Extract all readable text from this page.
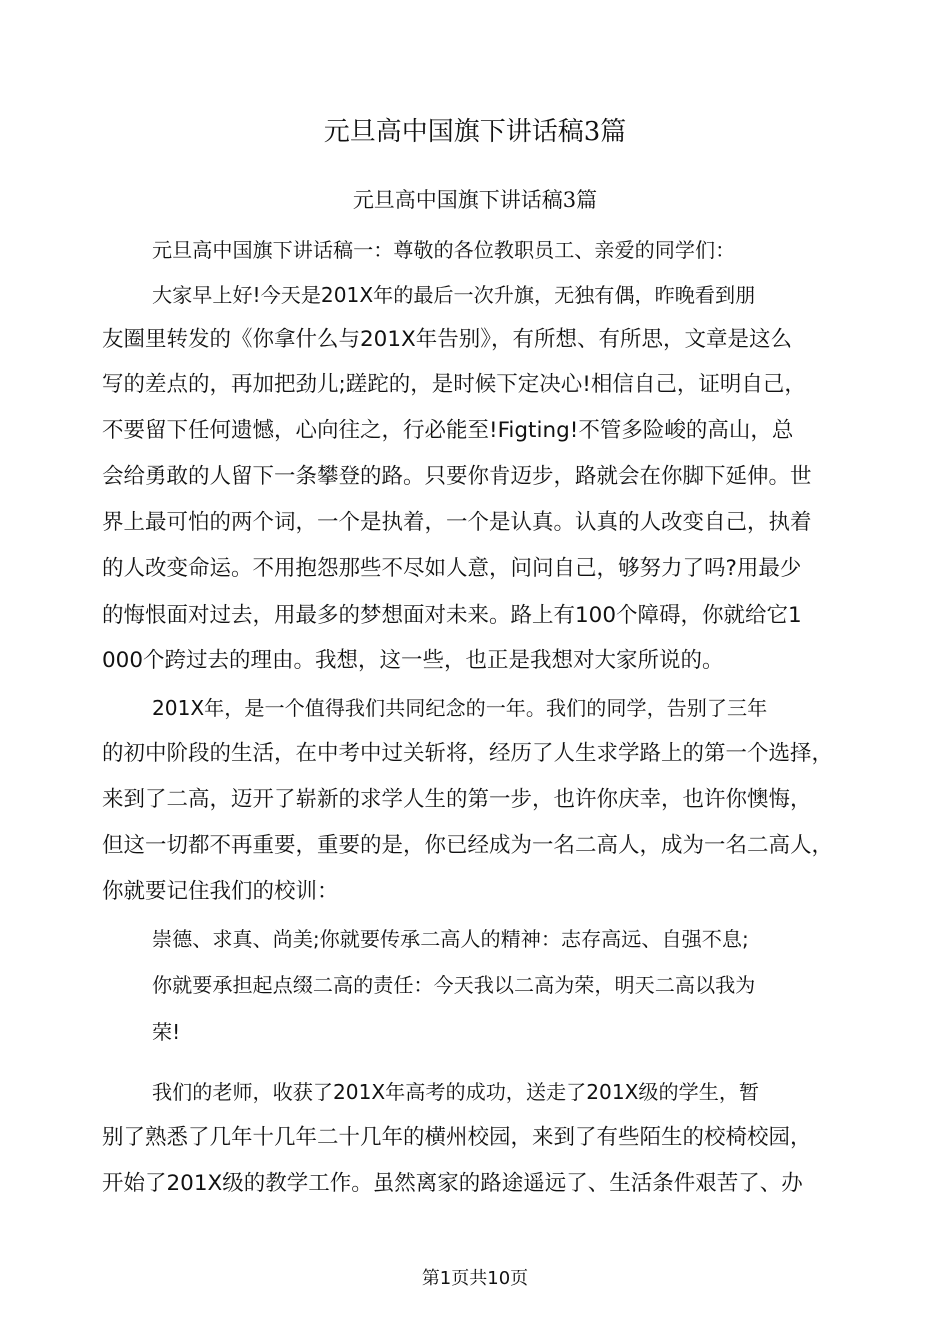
元旦高中国旗下讲话稿3篇
元旦高中国旗下讲话稿3篇
元旦高中国旗下讲话稿一：尊敬的各位教职员工、亲爱的同学们：
大家早上好!今天是201X年的最后一次升旗，无独有偶，昨晚看到朋
友圈里转发的《你拿什么与201X年告别》，有所想、有所思，文章是这么
写的差点的，再加把劲儿;蹉跎的，是时候下定决心!相信自己，证明自己，
不要留下任何遗憾，心向往之，行必能至!Figting!不管多险峻的高山，总
会给勇敢的人留下一条攀登的路。只要你肯迈步，路就会在你脚下延伸。世
界上最可怕的两个词，一个是执着，一个是认真。认真的人改变自己，执着
的人改变命运。不用抱怨那些不尽如人意，问问自己，够努力了吗?用最少
的悔恨面对过去，用最多的梦想面对未来。路上有100个障碍，你就给它1
000个跨过去的理由。我想，这一些，也正是我想对大家所说的。
201X年，是一个值得我们共同纪念的一年。我们的同学，告别了三年
的初中阶段的生活，在中考中过关斩将，经历了人生求学路上的第一个选择，
来到了二高，迈开了崭新的求学人生的第一步，也许你庆幸，也许你懊悔，
但这一切都不再重要，重要的是，你已经成为一名二高人，成为一名二高人，
你就要记住我们的校训：
崇德、求真、尚美;你就要传承二高人的精神：志存高远、自强不息;
你就要承担起点缀二高的责任：今天我以二高为荣，明天二高以我为
荣!
我们的老师，收获了201X年高考的成功，送走了201X级的学生，暂
别了熟悉了几年十几年二十几年的横州校园，来到了有些陌生的校椅校园，
开始了201X级的教学工作。虽然离家的路途遥远了、生活条件艰苦了、办
第1页共10页
